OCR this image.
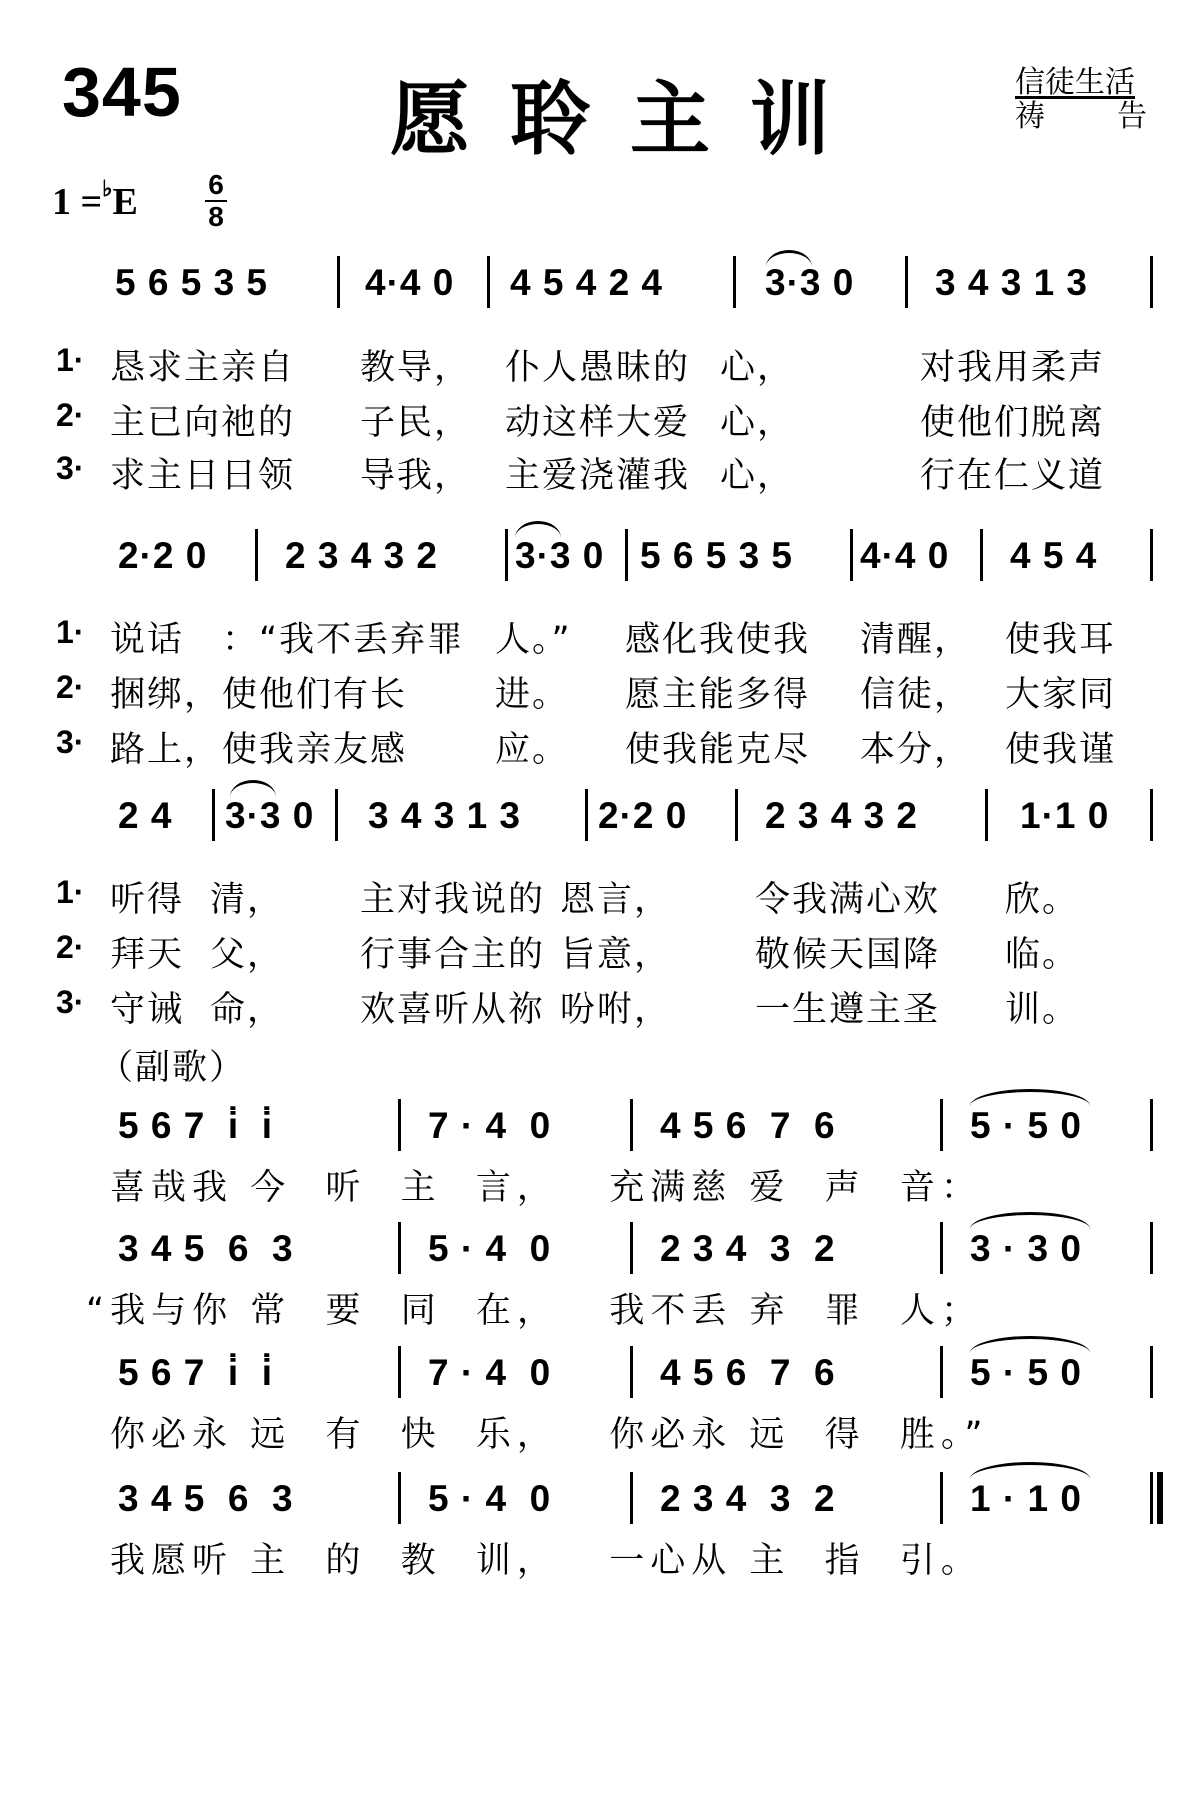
345	愿聆主训	信徒生活
祷 告
1 =♭E	6
8
5 6 5 3 5	4·4 0 4 5 4 2 4	3·3 0 3 4 3 1 3
1· 恳求主亲自 教导， 仆人愚昧的 心，	对我用柔声
2· 主已向祂的 子民， 动这样大爱 心，	使他们脱离
3· 求主日日领 导我， 主爱浇灌我 心，	行在仁义道
2·2 0 2 3 4 3 2 3·3 0 5 6 5 3 5 4·4 0 4 5 4
1· 说话 ：“我不丢弃罪 人。” 感化我使我 清醒， 使我耳
2· 捆绑， 使他们有长	进。 愿主能多得 信徒， 大家同
3· 路上， 使我亲友感	应。 使我能克尽 本分， 使我谨
2 4 3·3 0 3 4 3 1 3 2·2 0 2 3 4 3 2	1·1 0
1· 听得 清， 主对我说的 恩言， 令我满心欢 欣。
2· 拜天 父， 行事合主的 旨意， 敬候天国降 临。
3· 守诫 命， 欢喜听从祢 吩咐， 一生遵主圣 训。
（副歌）
5 6 7  i̇  i̇	7 · 4  0	4 5 6  7  6	5 · 5 0
喜哉我 今  听  主  言，   充满慈 爱  声  音：
3 4 5  6  3	5 · 4  0	2 3 4  3  2	3 · 3 0
“我与你 常  要  同  在，   我不丢 弃  罪  人；
5 6 7  i̇  i̇	7 · 4  0	4 5 6  7  6	5 · 5 0
你必永 远  有  快  乐，   你必永 远  得  胜。”
3 4 5  6  3	5 · 4  0	2 3 4  3  2	1 · 1 0
我愿听 主  的  教  训，   一心从 主  指  引。
